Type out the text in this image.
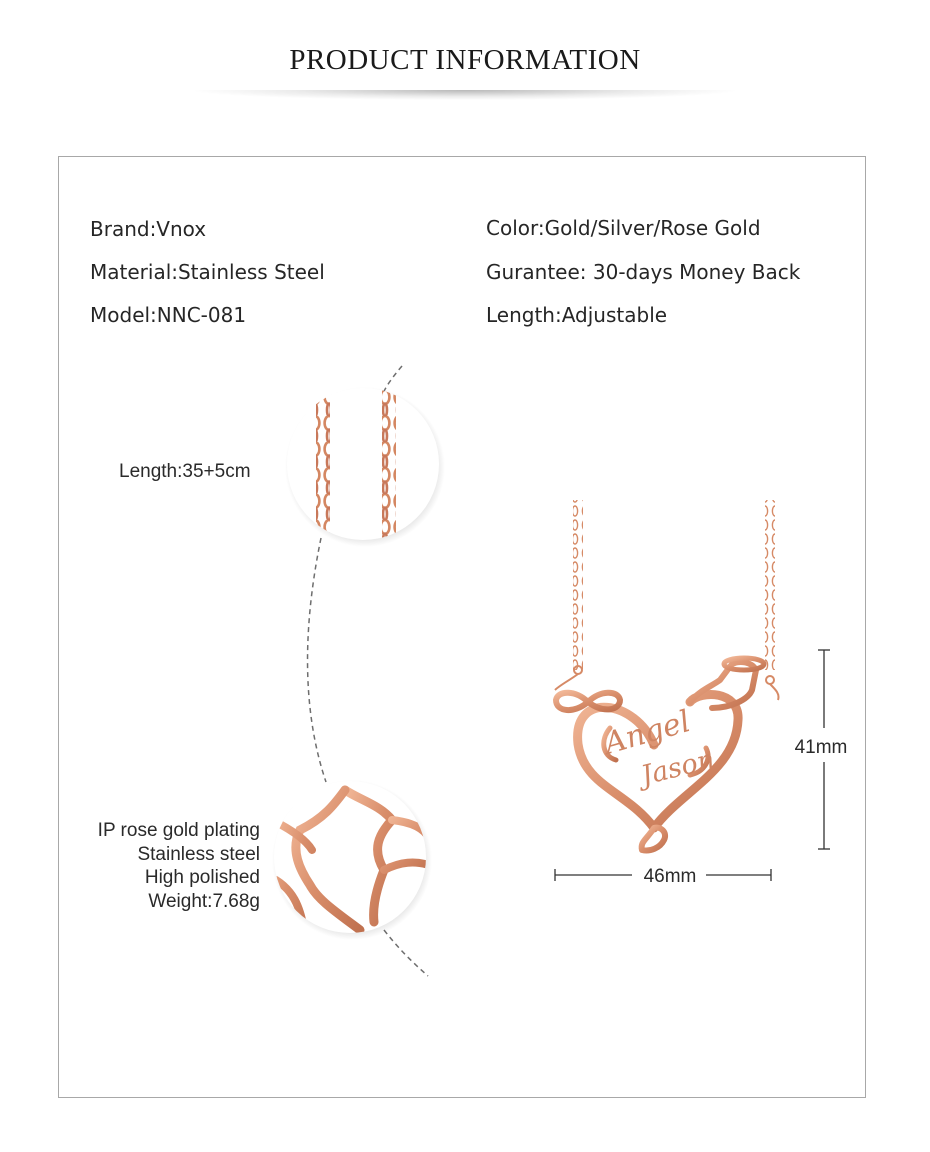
PRODUCT INFORMATION
Brand:Vnox
Material:Stainless Steel
Model:NNC-081
Color:Gold/Silver/Rose Gold
Gurantee: 30-days Money Back
Length:Adjustable
Angel
Jason
46mm
41mm
Length:35+5cm
IP rose gold plating
Stainless steel
High polished
Weight:7.68g
